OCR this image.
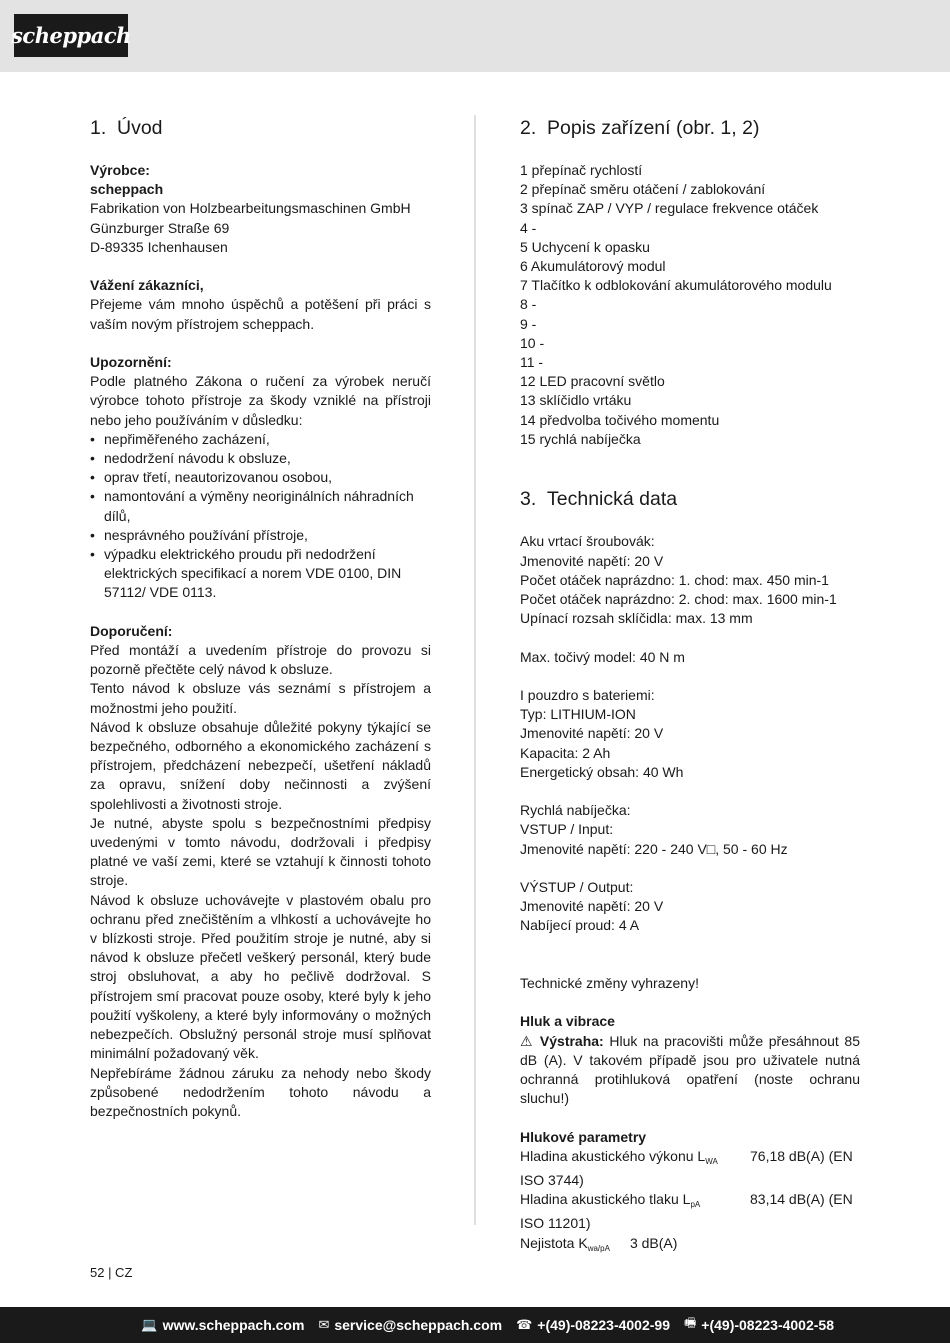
scheppach
1. Úvod
Výrobce:
scheppach
Fabrikation von Holzbearbeitungsmaschinen GmbH
Günzburger Straße 69
D-89335 Ichenhausen
Vážení zákazníci,
Přejeme vám mnoho úspěchů a potěšení při práci s vaším novým přístrojem scheppach.
Upozornění:
Podle platného Zákona o ručení za výrobek neručí výrobce tohoto přístroje za škody vzniklé na přístroji nebo jeho používáním v důsledku:
• nepřiměřeného zacházení,
• nedodržení návodu k obsluze,
• oprav třetí, neautorizovanou osobou,
• namontování a výměny neoriginálních náhradních dílů,
• nesprávného používání přístroje,
• výpadku elektrického proudu při nedodržení elektrických specifikací a norem VDE 0100, DIN 57112/ VDE 0113.
Doporučení:
Před montáží a uvedením přístroje do provozu si pozorně přečtěte celý návod k obsluze.
Tento návod k obsluze vás seznámí s přístrojem a možnostmi jeho použití.
Návod k obsluze obsahuje důležité pokyny týkající se bezpečného, odborného a ekonomického zacházení s přístrojem, předcházení nebezpečí, ušetření nákladů za opravu, snížení doby nečinnosti a zvýšení spolehlivosti a životnosti stroje.
Je nutné, abyste spolu s bezpečnostními předpisy uvedenými v tomto návodu, dodržovali i předpisy platné ve vaší zemi, které se vztahují k činnosti tohoto stroje.
Návod k obsluze uchovávejte v plastovém obalu pro ochranu před znečištěním a vlhkostí a uchovávejte ho v blízkosti stroje. Před použitím stroje je nutné, aby si návod k obsluze přečetl veškerý personál, který bude stroj obsluhovat, a aby ho pečlivě dodržoval. S přístrojem smí pracovat pouze osoby, které byly k jeho použití vyškoleny, a které byly informovány o možných nebezpečích. Obslužný personál stroje musí splňovat minimální požadovaný věk.
Nepřebíráme žádnou záruku za nehody nebo škody způsobené nedodržením tohoto návodu a bezpečnostních pokynů.
2. Popis zařízení (obr. 1, 2)
1 přepínač rychlostí
2 přepínač směru otáčení / zablokování
3 spínač ZAP / VYP / regulace frekvence otáček
4 -
5 Uchycení k opasku
6 Akumulátorový modul
7 Tlačítko k odblokování akumulátorového modulu
8 -
9 -
10 -
11 -
12 LED pracovní světlo
13 sklíčidlo vrtáku
14 předvolba točivého momentu
15 rychlá nabíječka
3. Technická data
Aku vrtací šroubovák:
Jmenovité napětí: 20 V
Počet otáček naprázdno: 1. chod: max. 450 min-1
Počet otáček naprázdno: 2. chod: max. 1600 min-1
Upínací rozsah sklíčidla: max. 13 mm
Max. točivý model: 40 N m
I pouzdro s bateriemi:
Typ: LITHIUM-ION
Jmenovité napětí: 20 V
Kapacita: 2 Ah
Energetický obsah: 40 Wh
Rychlá nabíječka:
VSTUP / Input:
Jmenovité napětí: 220 - 240 V□, 50 - 60 Hz
VÝSTUP / Output:
Jmenovité napětí: 20 V
Nabíjecí proud: 4 A
Technické změny vyhrazeny!
Hluk a vibrace
⚠ Výstraha: Hluk na pracovišti může přesáhnout 85 dB (A). V takovém případě jsou pro uživatele nutná ochranná protihluková opatření (noste ochranu sluchu!)
Hlukové parametry
Hladina akustického výkonu $L_{WA}$	76,18 dB(A) (EN
ISO 3744)
Hladina akustického tlaku $L_{pA}$	83,14 dB(A) (EN
ISO 11201)
Nejistota $K_{wa/pA}$ 3 dB(A)
52 | CZ
💻 www.scheppach.com ✉ service@scheppach.com ☎ +(49)-08223-4002-99 🖷 +(49)-08223-4002-58
